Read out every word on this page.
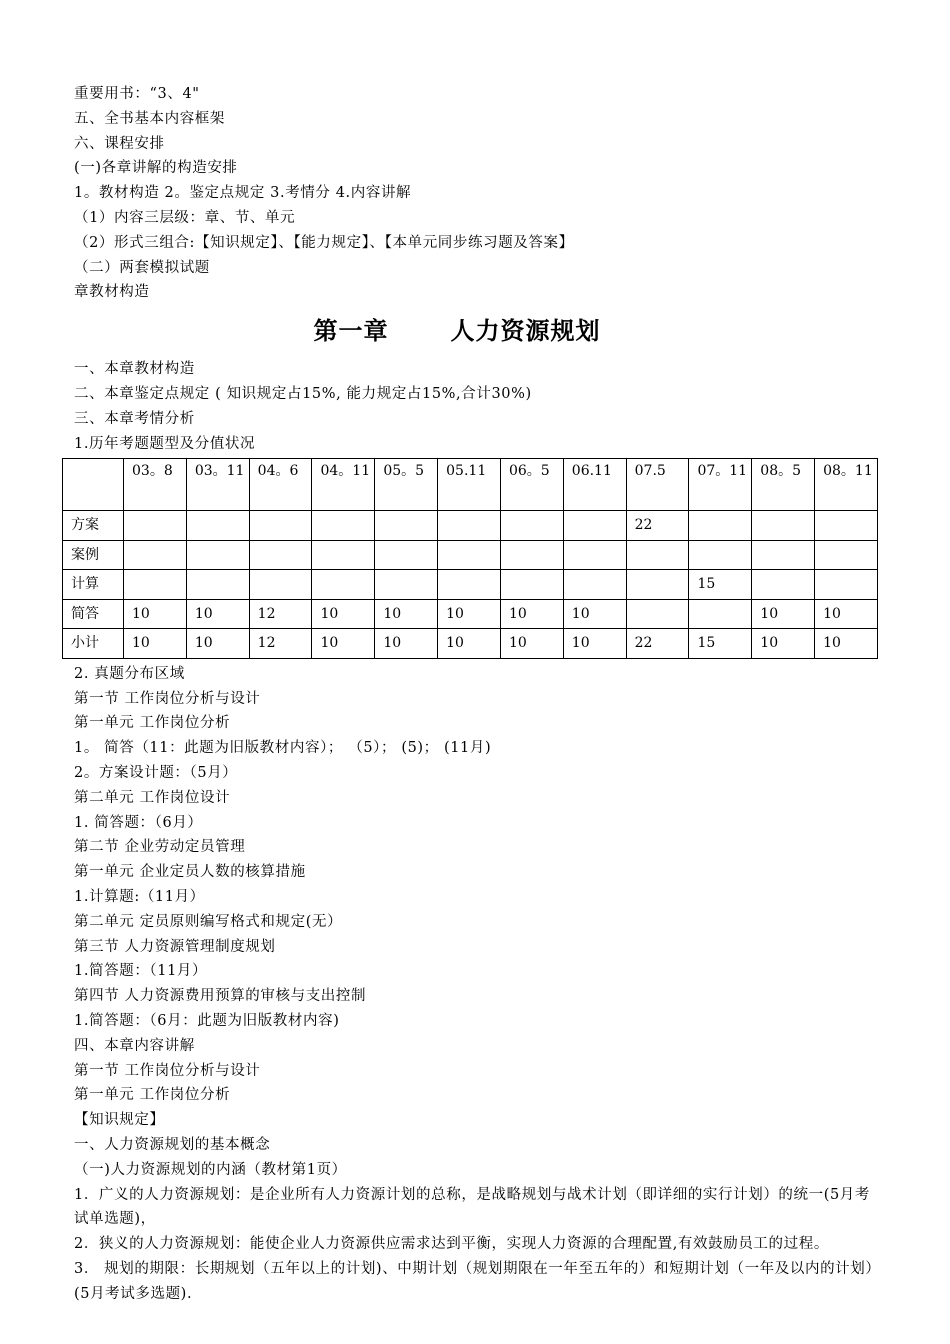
重要用书：“3、4"
五、全书基本内容框架
六、课程安排
(一)各章讲解的构造安排
1。教材构造 2。鉴定点规定 3.考情分 4.内容讲解
（1）内容三层级：章、节、单元
（2）形式三组合:【知识规定】、【能力规定】、【本单元同步练习题及答案】
（二）两套模拟试题
章教材构造
第一章	人力资源规划
一、本章教材构造
二、本章鉴定点规定 ( 知识规定占15%, 能力规定占15%,合计30%)
三、本章考情分析
1.历年考题题型及分值状况
	03。8	03。11	04。6	04。11	05。5	05.11	06。5	06.11	07.5	07。11	08。5	08。11
方案									22			
案例												
计算										15		
简答	10	10	12	10	10	10	10	10			10	10
小计	10	10	12	10	10	10	10	10	22	15	10	10
2. 真题分布区域
第一节 工作岗位分析与设计
第一单元 工作岗位分析
1。 简答（11：此题为旧版教材内容）； （5）； (5)； (11月)
2。方案设计题：（5月）
第二单元 工作岗位设计
1. 简答题：（6月）
第二节 企业劳动定员管理
第一单元 企业定员人数的核算措施
1.计算题:（11月）
第二单元 定员原则编写格式和规定(无）
第三节 人力资源管理制度规划
1.简答题：（11月）
第四节 人力资源费用预算的审核与支出控制
1.简答题：（6月：此题为旧版教材内容)
四、本章内容讲解
第一节 工作岗位分析与设计
第一单元 工作岗位分析
【知识规定】
一、人力资源规划的基本概念
（一)人力资源规划的内涵（教材第1页）
1．广义的人力资源规划：是企业所有人力资源计划的总称，是战略规划与战术计划（即详细的实行计划）的统一(5月考试单选题)，
2．狭义的人力资源规划：能使企业人力资源供应需求达到平衡，实现人力资源的合理配置,有效鼓励员工的过程。
3． 规划的期限：长期规划（五年以上的计划)、中期计划（规划期限在一年至五年的）和短期计划（一年及以内的计划）(5月考试多选题).
